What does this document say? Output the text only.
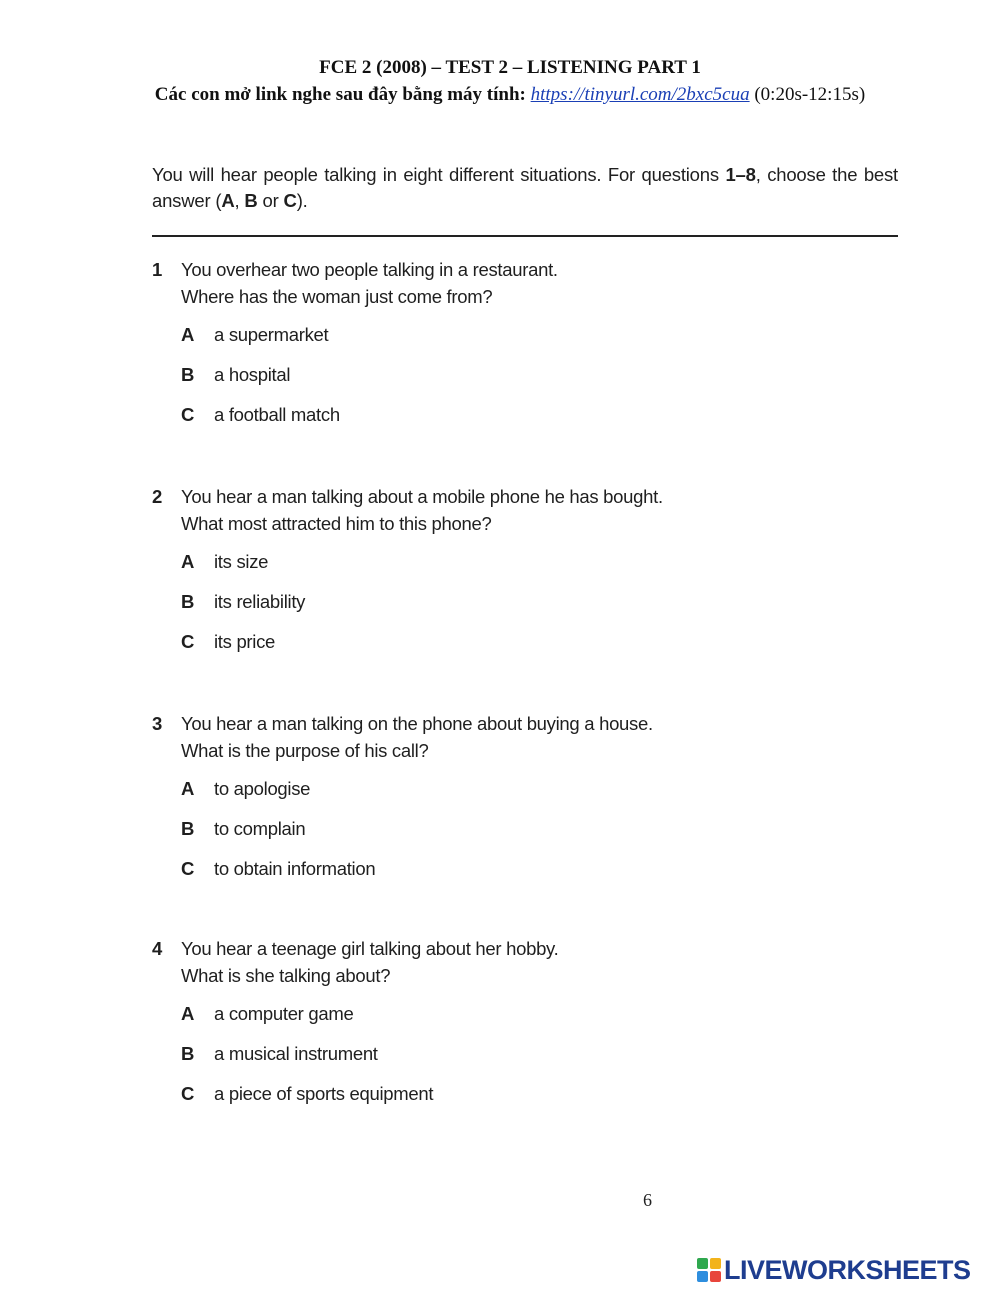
FCE 2 (2008) – TEST 2 – LISTENING PART 1
Các con mở link nghe sau đây bằng máy tính: https://tinyurl.com/2bxc5cua (0:20s-12:15s)
You will hear people talking in eight different situations. For questions 1–8, choose the best answer (A, B or C).
1 You overhear two people talking in a restaurant.
Where has the woman just come from?
A a supermarket
B a hospital
C a football match
2 You hear a man talking about a mobile phone he has bought.
What most attracted him to this phone?
A its size
B its reliability
C its price
3 You hear a man talking on the phone about buying a house.
What is the purpose of his call?
A to apologise
B to complain
C to obtain information
4 You hear a teenage girl talking about her hobby.
What is she talking about?
A a computer game
B a musical instrument
C a piece of sports equipment
6
LIVEWORKSHEETS
